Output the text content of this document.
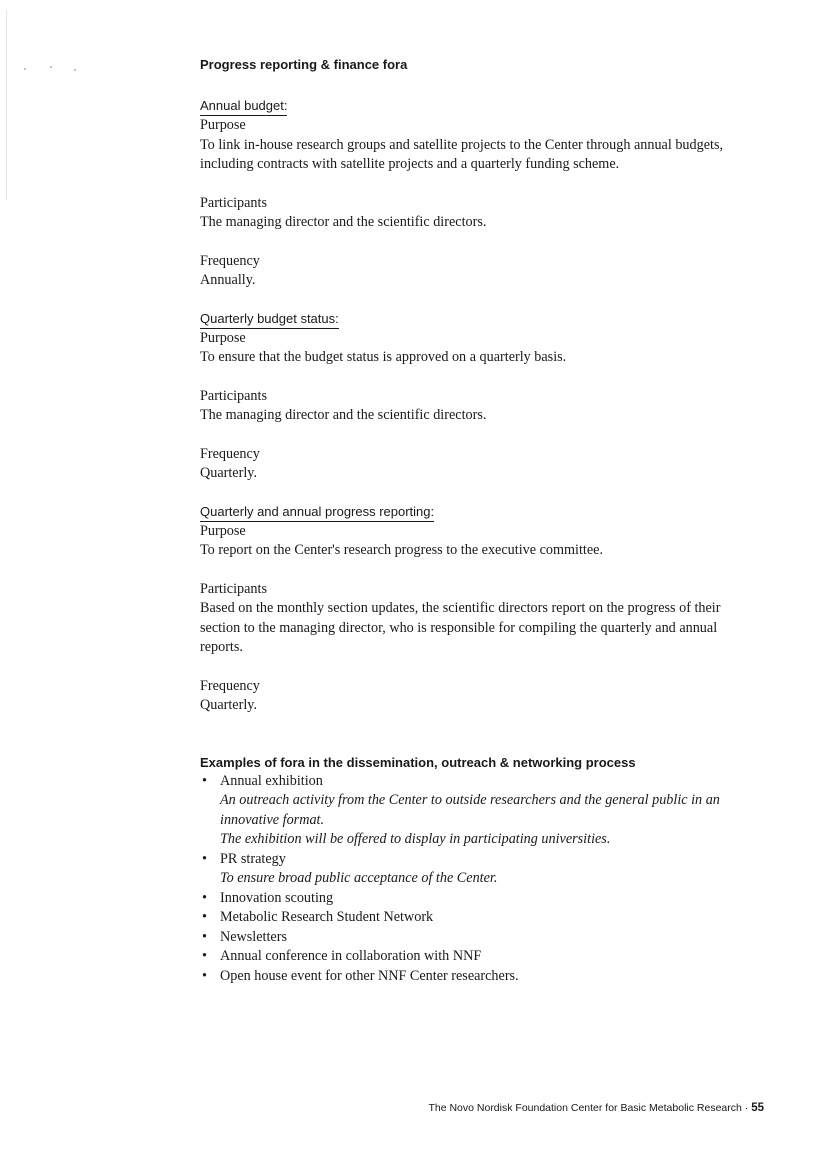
Progress reporting & finance fora
Annual budget:

Purpose

To link in-house research groups and satellite projects to the Center through annual budgets, including contracts with satellite projects and a quarterly funding scheme.

Participants

The managing director and the scientific directors.

Frequency

Annually.

Quarterly budget status:

Purpose

To ensure that the budget status is approved on a quarterly basis.

Participants

The managing director and the scientific directors.

Frequency

Quarterly.

Quarterly and annual progress reporting:

Purpose

To report on the Center's research progress to the executive committee.

Participants

Based on the monthly section updates, the scientific directors report on the progress of their section to the managing director, who is responsible for compiling the quarterly and annual reports.

Frequency

Quarterly.

Examples of fora in the dissemination, outreach & networking process
• Annual exhibition
An outreach activity from the Center to outside researchers and the general public in an innovative format.
The exhibition will be offered to display in participating universities.
• PR strategy
To ensure broad public acceptance of the Center.
• Innovation scouting
• Metabolic Research Student Network
• Newsletters
• Annual conference in collaboration with NNF
• Open house event for other NNF Center researchers.
The Novo Nordisk Foundation Center for Basic Metabolic Research · 55
